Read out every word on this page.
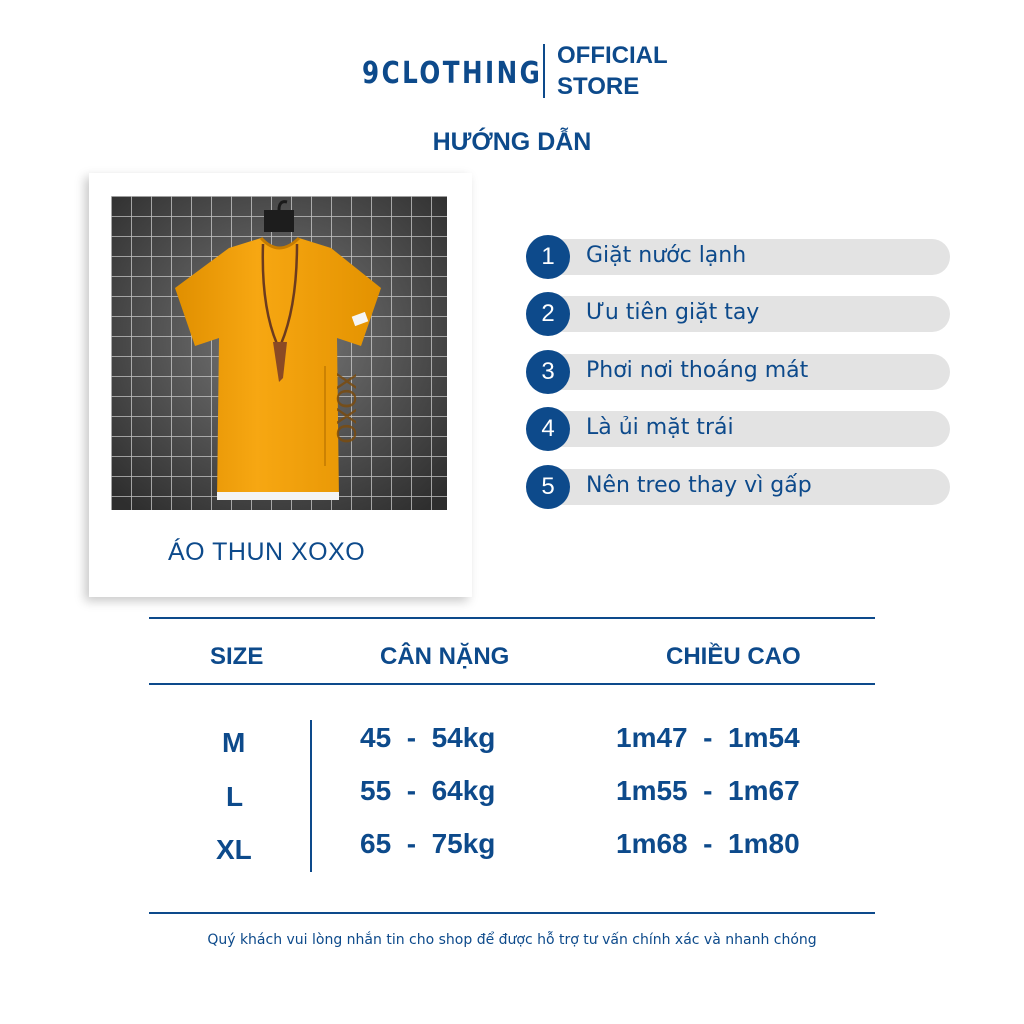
9CLOTHING
OFFICIAL
STORE
HƯỚNG DẪN
XOXO
ÁO THUN XOXO
1	Giặt nước lạnh
2	Ưu tiên giặt tay
3	Phơi nơi thoáng mát
4	Là ủi mặt trái
5	Nên treo thay vì gấp
SIZE	CÂN NẶNG	CHIỀU CAO
M	45  -  54kg	1m47  -  1m54
L	55  -  64kg	1m55  -  1m67
XL	65  -  75kg	1m68  -  1m80
Quý khách vui lòng nhắn tin cho shop để được hỗ trợ tư vấn chính xác và nhanh chóng
